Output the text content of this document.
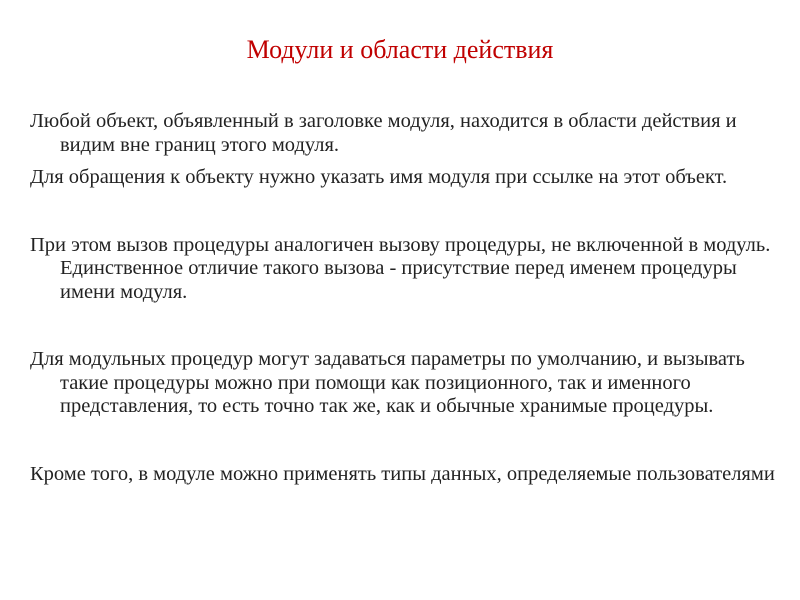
Модули и области действия

Любой объект, объявленный в заголовке модуля, находится в области действия и видим вне границ этого модуля.

Для обращения к объекту нужно указать имя модуля при ссылке на этот объект.

При этом вызов процедуры аналогичен вызову процедуры, не включенной в модуль. Единственное отличие такого вызова - присутствие перед именем процедуры имени модуля.

Для модульных процедур могут задаваться параметры по умолчанию, и вызывать такие процедуры можно при помощи как позиционного, так и именного представления, то есть точно так же, как и обычные хранимые процедуры.

Кроме того, в модуле можно применять типы данных, определяемые пользователями
